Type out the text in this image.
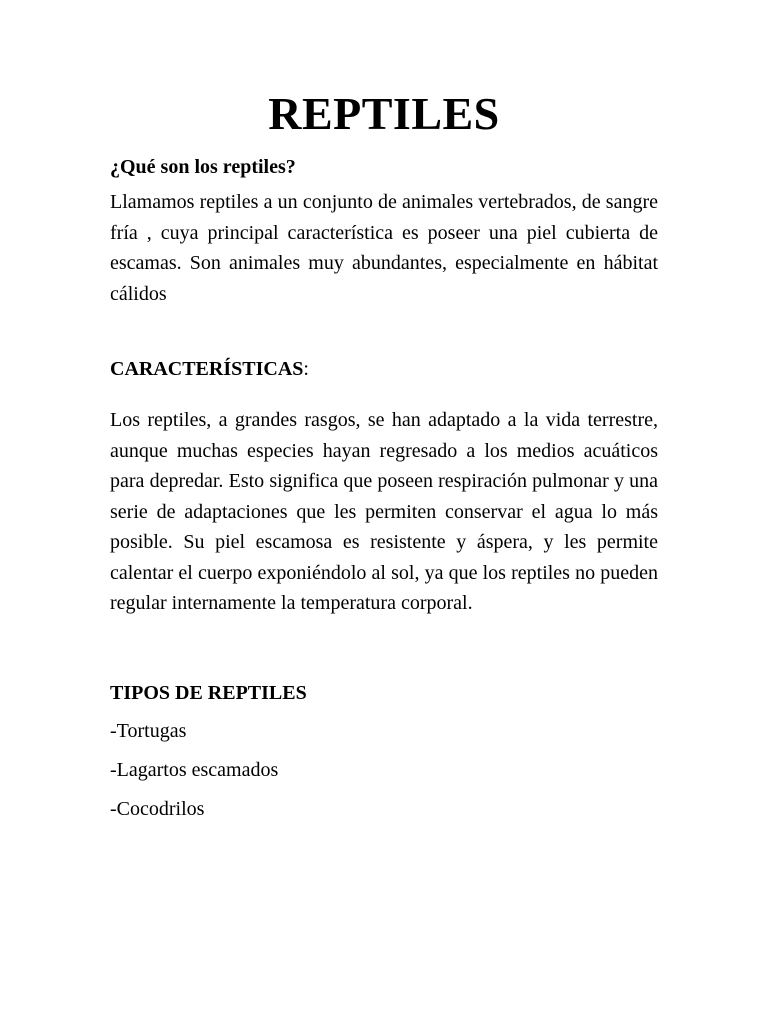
REPTILES
¿Qué son los reptiles?
Llamamos reptiles a un conjunto de animales vertebrados, de sangre fría , cuya principal característica es poseer una piel cubierta de escamas. Son animales muy abundantes, especialmente en hábitat cálidos
CARACTERÍSTICAS:
Los reptiles, a grandes rasgos, se han adaptado a la vida terrestre, aunque muchas especies hayan regresado a los medios acuáticos para depredar. Esto significa que poseen respiración pulmonar y una serie de adaptaciones que les permiten conservar el agua lo más posible. Su piel escamosa es resistente y áspera, y les permite calentar el cuerpo exponiéndolo al sol, ya que los reptiles no pueden regular internamente la temperatura corporal.
TIPOS DE REPTILES
-Tortugas
-Lagartos escamados
-Cocodrilos
